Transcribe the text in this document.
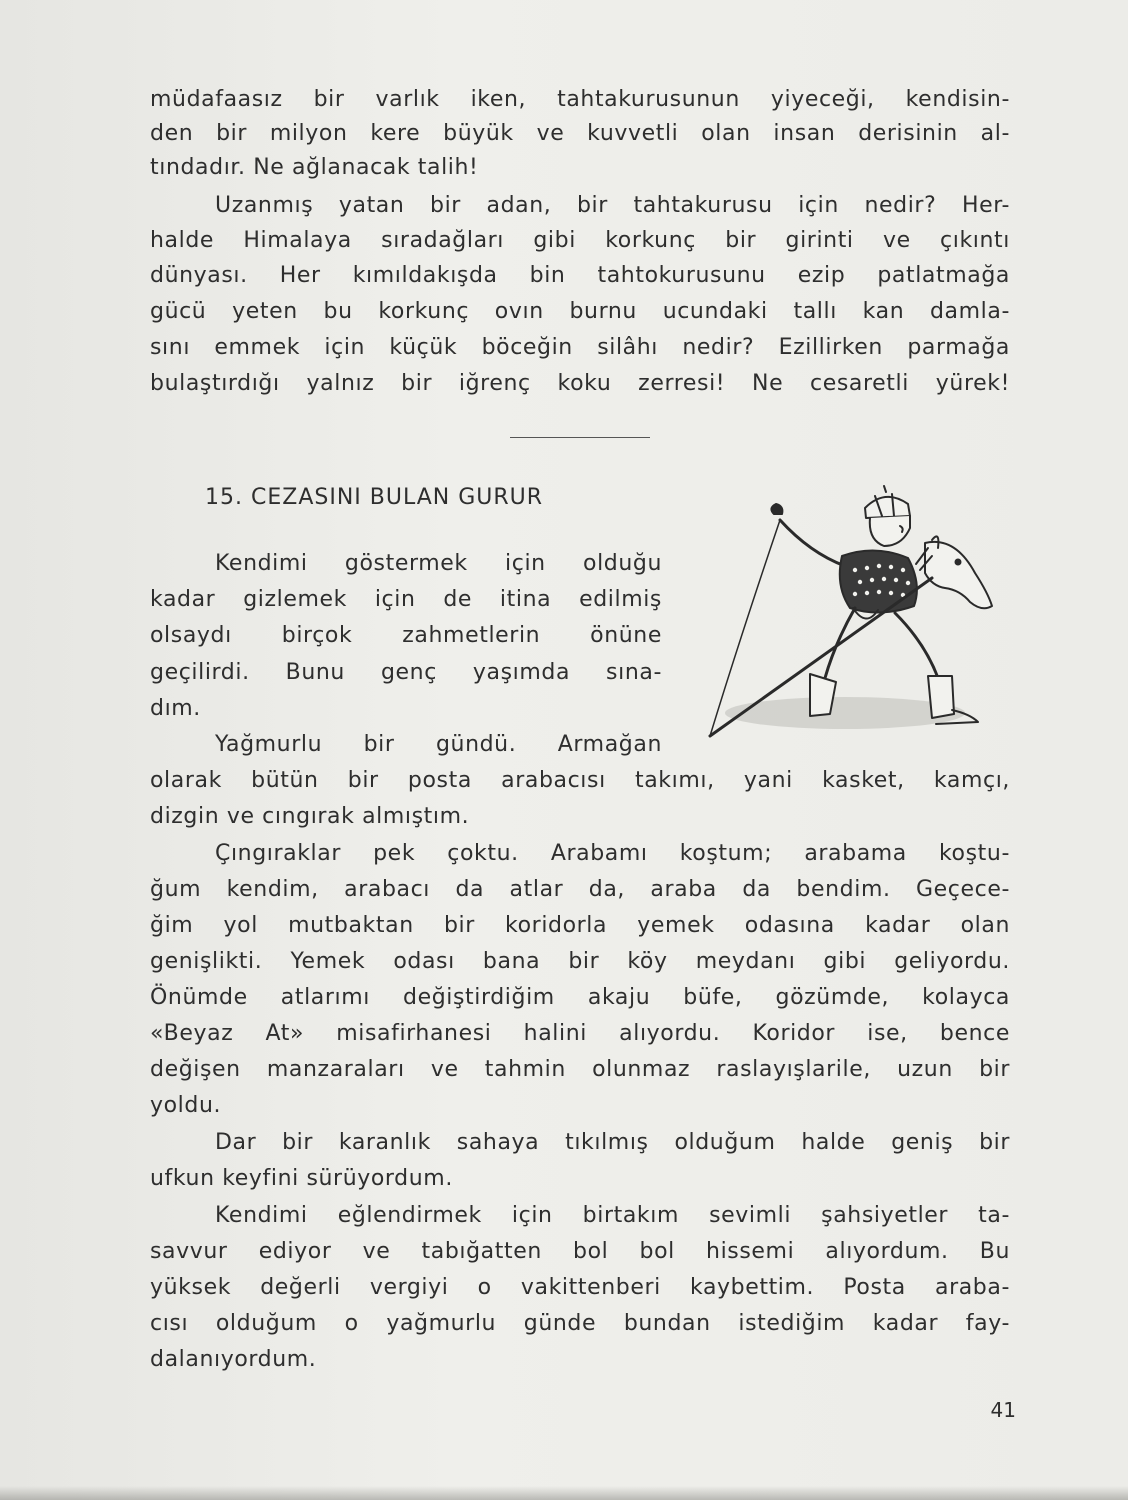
müdafaasız bir varlık iken, tahtakurusunun yiyeceği, kendisin-

den bir milyon kere büyük ve kuvvetli olan insan derisinin al-

tındadır. Ne ağlanacak talih!

Uzanmış yatan bir adan, bir tahtakurusu için nedir? Her-

halde Himalaya sıradağları gibi korkunç bir girinti ve çıkıntı

dünyası. Her kımıldakışda bin tahtokurusunu ezip patlatmağa

gücü yeten bu korkunç ovın burnu ucundaki tallı kan damla-

sını emmek için küçük böceğin silâhı nedir? Ezillirken parmağa

bulaştırdığı yalnız bir iğrenç koku zerresi! Ne cesaretli yürek!

15. CEZASINI BULAN GURUR

Kendimi göstermek için olduğu

kadar gizlemek için de itina edilmiş

olsaydı birçok zahmetlerin önüne

geçilirdi. Bunu genç yaşımda sına-

dım.

Yağmurlu bir gündü. Armağan

olarak bütün bir posta arabacısı takımı, yani kasket, kamçı,

dizgin ve cıngırak almıştım.

Çıngıraklar pek çoktu. Arabamı koştum; arabama koştu-

ğum kendim, arabacı da atlar da, araba da bendim. Geçece-

ğim yol mutbaktan bir koridorla yemek odasına kadar olan

genişlikti. Yemek odası bana bir köy meydanı gibi geliyordu.

Önümde atlarımı değiştirdiğim akaju büfe, gözümde, kolayca

«Beyaz At» misafirhanesi halini alıyordu. Koridor ise, bence

değişen manzaraları ve tahmin olunmaz raslayışlarile, uzun bir

yoldu.

Dar bir karanlık sahaya tıkılmış olduğum halde geniş bir

ufkun keyfini sürüyordum.

Kendimi eğlendirmek için birtakım sevimli şahsiyetler ta-

savvur ediyor ve tabığatten bol bol hissemi alıyordum. Bu

yüksek değerli vergiyi o vakittenberi kaybettim. Posta araba-

cısı olduğum o yağmurlu günde bundan istediğim kadar fay-

dalanıyordum.

41
